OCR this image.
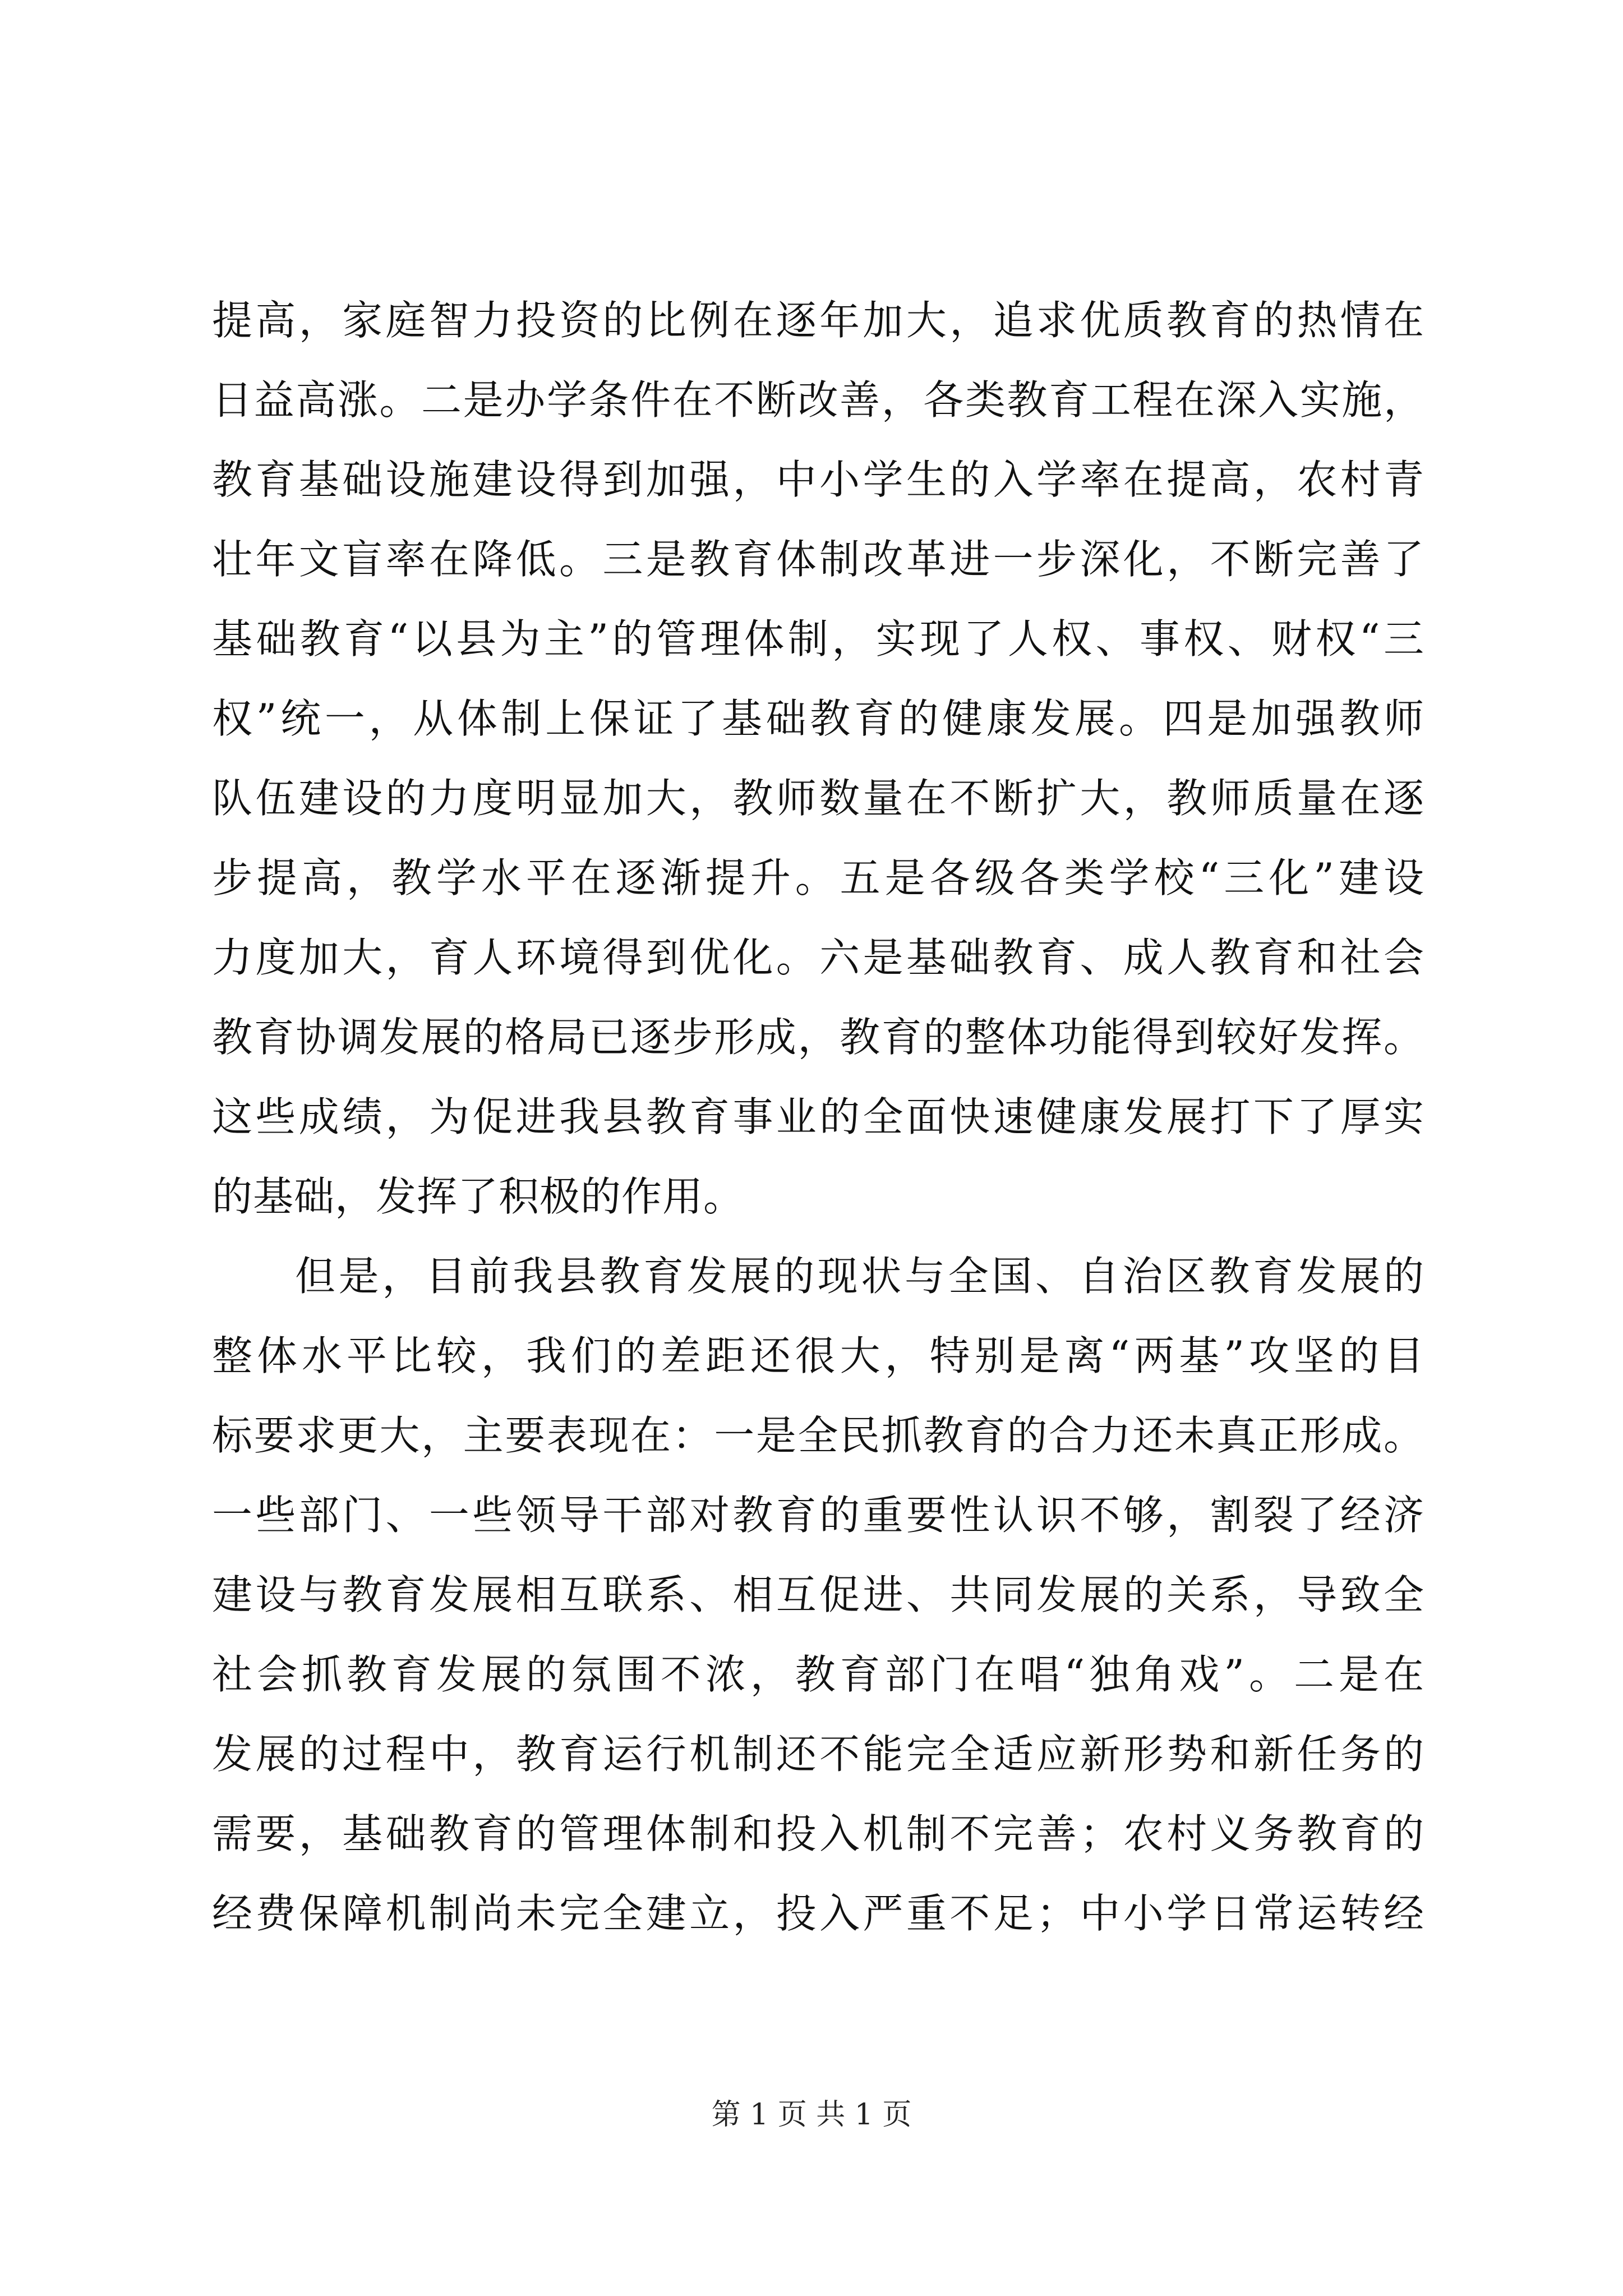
提高，家庭智力投资的比例在逐年加大，追求优质教育的热情在
日益高涨。二是办学条件在不断改善，各类教育工程在深入实施，
教育基础设施建设得到加强，中小学生的入学率在提高，农村青
壮年文盲率在降低。三是教育体制改革进一步深化，不断完善了
基础教育“以县为主”的管理体制，实现了人权、事权、财权“三
权”统一，从体制上保证了基础教育的健康发展。四是加强教师
队伍建设的力度明显加大，教师数量在不断扩大，教师质量在逐
步提高，教学水平在逐渐提升。五是各级各类学校“三化”建设
力度加大，育人环境得到优化。六是基础教育、成人教育和社会
教育协调发展的格局已逐步形成，教育的整体功能得到较好发挥。
这些成绩，为促进我县教育事业的全面快速健康发展打下了厚实
的基础，发挥了积极的作用。
但是，目前我县教育发展的现状与全国、自治区教育发展的
整体水平比较，我们的差距还很大，特别是离“两基”攻坚的目
标要求更大，主要表现在：一是全民抓教育的合力还未真正形成。
一些部门、一些领导干部对教育的重要性认识不够，割裂了经济
建设与教育发展相互联系、相互促进、共同发展的关系，导致全
社会抓教育发展的氛围不浓，教育部门在唱“独角戏”。二是在
发展的过程中，教育运行机制还不能完全适应新形势和新任务的
需要，基础教育的管理体制和投入机制不完善；农村义务教育的
经费保障机制尚未完全建立，投入严重不足；中小学日常运转经
第 1 页 共 1 页
